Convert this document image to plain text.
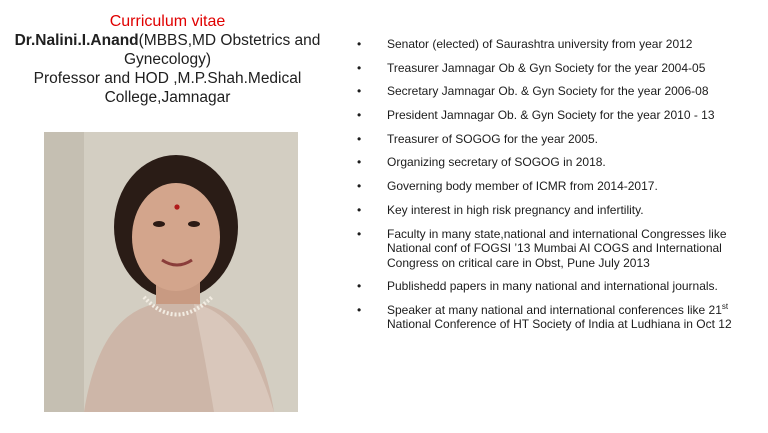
Curriculum vitae

Dr.Nalini.I.Anand(MBBS,MD Obstetrics and Gynecology)
Professor and HOD ,M.P.Shah.Medical College,Jamnagar

• Senator (elected) of Saurashtra university from year 2012
• Treasurer Jamnagar Ob & Gyn Society for the year 2004-05
• Secretary Jamnagar Ob. & Gyn Society for the year 2006-08
• President Jamnagar Ob. & Gyn Society for the year 2010 - 13
• Treasurer of SOGOG for the year 2005.
• Organizing secretary of SOGOG in 2018.
• Governing body member of ICMR from 2014-2017.
• Key interest in high risk pregnancy and infertility.
• Faculty in many state,national and international Congresses like National conf of FOGSI ’13 Mumbai AI COGS and International Congress on critical care in Obst, Pune July 2013
• Publishedd papers in many national and international journals.
• Speaker at many national and international conferences like 21st National Conference of HT Society of India at Ludhiana in Oct 12
